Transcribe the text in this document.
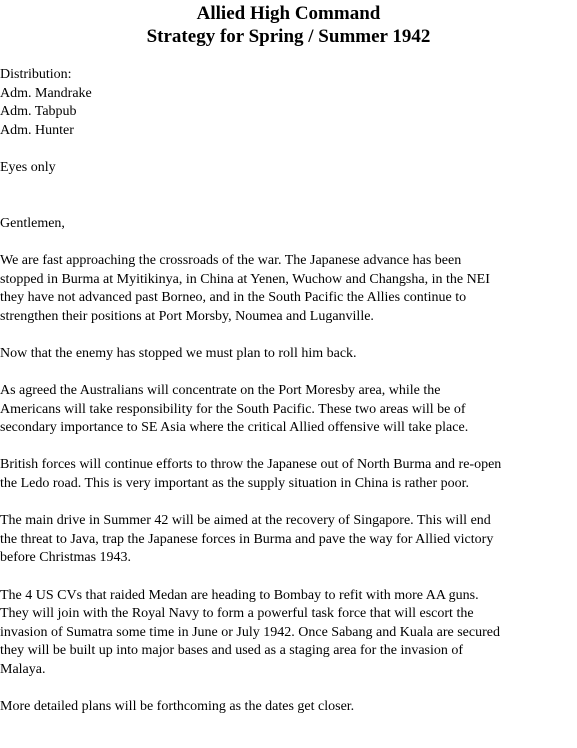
Allied High Command
Strategy for Spring / Summer 1942
Distribution:
Adm. Mandrake
Adm. Tabpub
Adm. Hunter
Eyes only
Gentlemen,
We are fast approaching the crossroads of the war. The Japanese advance has been
stopped in Burma at Myitikinya, in China at Yenen, Wuchow and Changsha, in the NEI
they have not advanced past Borneo, and in the South Pacific the Allies continue to
strengthen their positions at Port Morsby, Noumea and Luganville.
Now that the enemy has stopped we must plan to roll him back.
As agreed the Australians will concentrate on the Port Moresby area, while the
Americans will take responsibility for the South Pacific. These two areas will be of
secondary importance to SE Asia where the critical Allied offensive will take place.
British forces will continue efforts to throw the Japanese out of North Burma and re-open
the Ledo road. This is very important as the supply situation in China is rather poor.
The main drive in Summer 42 will be aimed at the recovery of Singapore. This will end
the threat to Java, trap the Japanese forces in Burma and pave the way for Allied victory
before Christmas 1943.
The 4 US CVs that raided Medan are heading to Bombay to refit with more AA guns.
They will join with the Royal Navy to form a powerful task force that will escort the
invasion of Sumatra some time in June or July 1942. Once Sabang and Kuala are secured
they will be built up into major bases and used as a staging area for the invasion of
Malaya.
More detailed plans will be forthcoming as the dates get closer.
